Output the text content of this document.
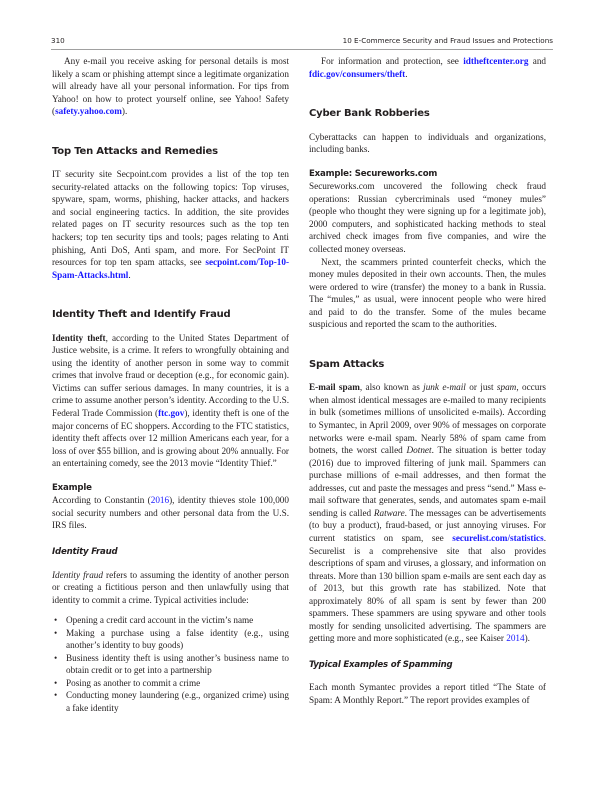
310	10 E-Commerce Security and Fraud Issues and Protections

Any e-mail you receive asking for personal details is most likely a scam or phishing attempt since a legitimate organization will already have all your personal information. For tips from Yahoo! on how to protect yourself online, see Yahoo! Safety (safety.yahoo.com).

Top Ten Attacks and Remedies

IT security site Secpoint.com provides a list of the top ten security-related attacks on the following topics: Top viruses, spyware, spam, worms, phishing, hacker attacks, and hackers and social engineering tactics. In addition, the site provides related pages on IT security resources such as the top ten hackers; top ten security tips and tools; pages relating to Anti phishing, Anti DoS, Anti spam, and more. For SecPoint IT resources for top ten spam attacks, see secpoint.com/Top-10-Spam-Attacks.html.

Identity Theft and Identify Fraud

Identity theft, according to the United States Department of Justice website, is a crime. It refers to wrongfully obtaining and using the identity of another person in some way to commit crimes that involve fraud or deception (e.g., for economic gain). Victims can suffer serious damages. In many countries, it is a crime to assume another person’s identity. According to the U.S. Federal Trade Commission (ftc.gov), identity theft is one of the major concerns of EC shoppers. According to the FTC statistics, identity theft affects over 12 million Americans each year, for a loss of over $55 billion, and is growing about 20% annually. For an entertaining comedy, see the 2013 movie “Identity Thief.”

Example

According to Constantin (2016), identity thieves stole 100,000 social security numbers and other personal data from the U.S. IRS files.

Identity Fraud

Identity fraud refers to assuming the identity of another person or creating a fictitious person and then unlawfully using that identity to commit a crime. Typical activities include:

• Opening a credit card account in the victim’s name
• Making a purchase using a false identity (e.g., using another’s identity to buy goods)
• Business identity theft is using another’s business name to obtain credit or to get into a partnership
• Posing as another to commit a crime
• Conducting money laundering (e.g., organized crime) using a fake identity

For information and protection, see idtheftcenter.org and fdic.gov/consumers/theft.

Cyber Bank Robberies

Cyberattacks can happen to individuals and organizations, including banks.

Example: Secureworks.com

Secureworks.com uncovered the following check fraud operations: Russian cybercriminals used “money mules” (people who thought they were signing up for a legitimate job), 2000 computers, and sophisticated hacking methods to steal archived check images from five companies, and wire the collected money overseas.

Next, the scammers printed counterfeit checks, which the money mules deposited in their own accounts. Then, the mules were ordered to wire (transfer) the money to a bank in Russia. The “mules,” as usual, were innocent people who were hired and paid to do the transfer. Some of the mules became suspicious and reported the scam to the authorities.

Spam Attacks

E-mail spam, also known as junk e-mail or just spam, occurs when almost identical messages are e-mailed to many recipients in bulk (sometimes millions of unsolicited e-mails). According to Symantec, in April 2009, over 90% of messages on corporate networks were e-mail spam. Nearly 58% of spam came from botnets, the worst called Dotnet. The situation is better today (2016) due to improved filtering of junk mail. Spammers can purchase millions of e-mail addresses, and then format the addresses, cut and paste the messages and press “send.” Mass e-mail software that generates, sends, and automates spam e-mail sending is called Ratware. The messages can be advertisements (to buy a product), fraud-based, or just annoying viruses. For current statistics on spam, see securelist.com/statistics. Securelist is a comprehensive site that also provides descriptions of spam and viruses, a glossary, and information on threats. More than 130 billion spam e-mails are sent each day as of 2013, but this growth rate has stabilized. Note that approximately 80% of all spam is sent by fewer than 200 spammers. These spammers are using spyware and other tools mostly for sending unsolicited advertising. The spammers are getting more and more sophisticated (e.g., see Kaiser 2014).

Typical Examples of Spamming

Each month Symantec provides a report titled “The State of Spam: A Monthly Report.” The report provides examples of
